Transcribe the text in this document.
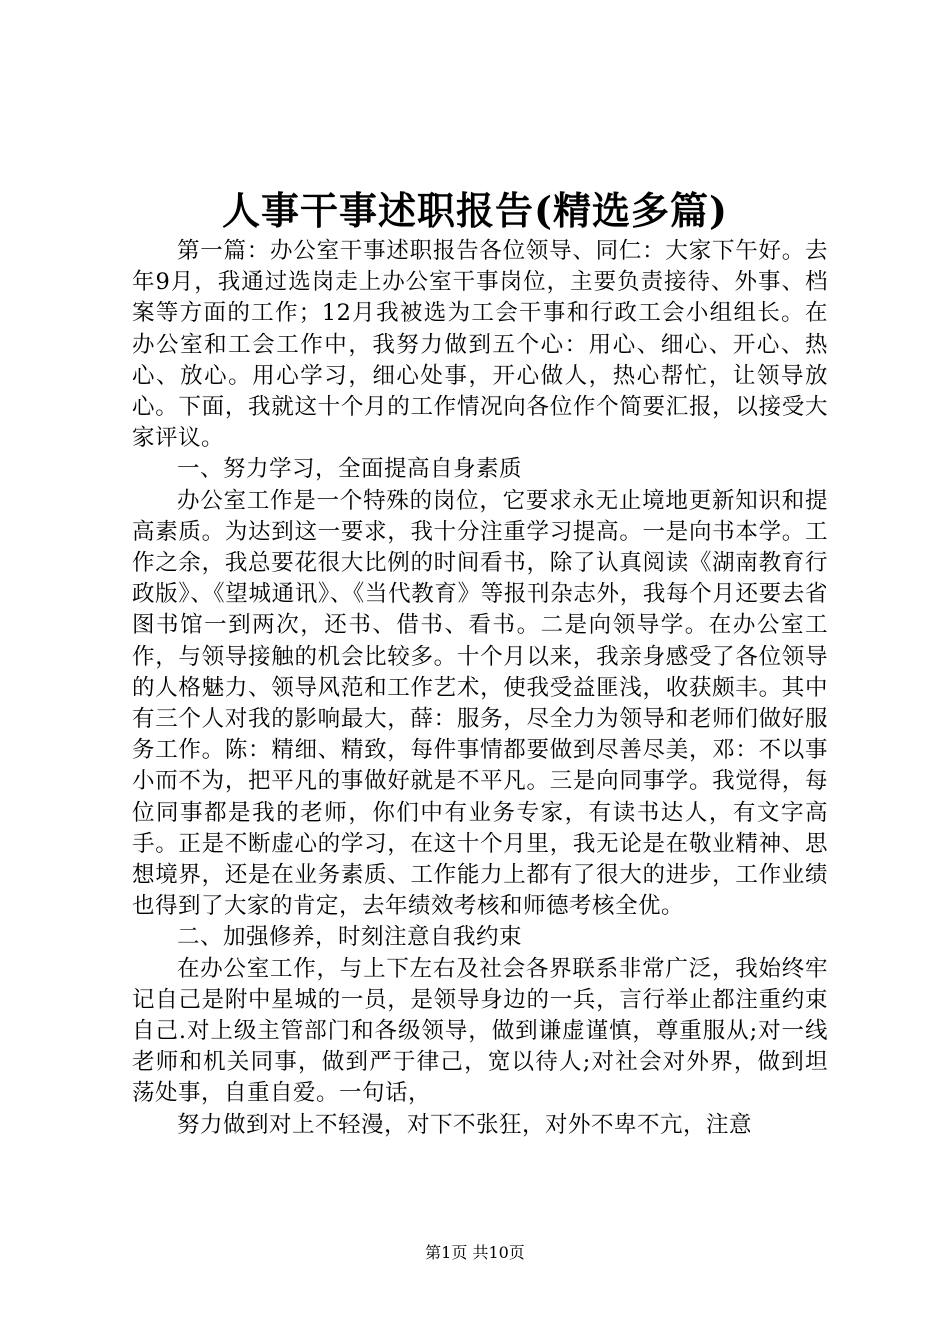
人事干事述职报告(精选多篇)

第一篇：办公室干事述职报告各位领导、同仁：大家下午好。去年9月，我通过选岗走上办公室干事岗位，主要负责接待、外事、档案等方面的工作；12月我被选为工会干事和行政工会小组组长。在办公室和工会工作中，我努力做到五个心：用心、细心、开心、热心、放心。用心学习，细心处事，开心做人，热心帮忙，让领导放心。下面，我就这十个月的工作情况向各位作个简要汇报，以接受大家评议。

一、努力学习，全面提高自身素质

办公室工作是一个特殊的岗位，它要求永无止境地更新知识和提高素质。为达到这一要求，我十分注重学习提高。一是向书本学。工作之余，我总要花很大比例的时间看书，除了认真阅读《湖南教育行政版》、《望城通讯》、《当代教育》等报刊杂志外，我每个月还要去省图书馆一到两次，还书、借书、看书。二是向领导学。在办公室工作，与领导接触的机会比较多。十个月以来，我亲身感受了各位领导的人格魅力、领导风范和工作艺术，使我受益匪浅，收获颇丰。其中有三个人对我的影响最大，薛：服务，尽全力为领导和老师们做好服务工作。陈：精细、精致，每件事情都要做到尽善尽美，邓：不以事小而不为，把平凡的事做好就是不平凡。三是向同事学。我觉得，每位同事都是我的老师，你们中有业务专家，有读书达人，有文字高手。正是不断虚心的学习，在这十个月里，我无论是在敬业精神、思想境界，还是在业务素质、工作能力上都有了很大的进步，工作业绩也得到了大家的肯定，去年绩效考核和师德考核全优。

二、加强修养，时刻注意自我约束

在办公室工作，与上下左右及社会各界联系非常广泛，我始终牢记自己是附中星城的一员，是领导身边的一兵，言行举止都注重约束自己.对上级主管部门和各级领导，做到谦虚谨慎，尊重服从;对一线老师和机关同事，做到严于律己，宽以待人;对社会对外界，做到坦荡处事，自重自爱。一句话，

努力做到对上不轻漫，对下不张狂，对外不卑不亢，注意

第1页 共10页
